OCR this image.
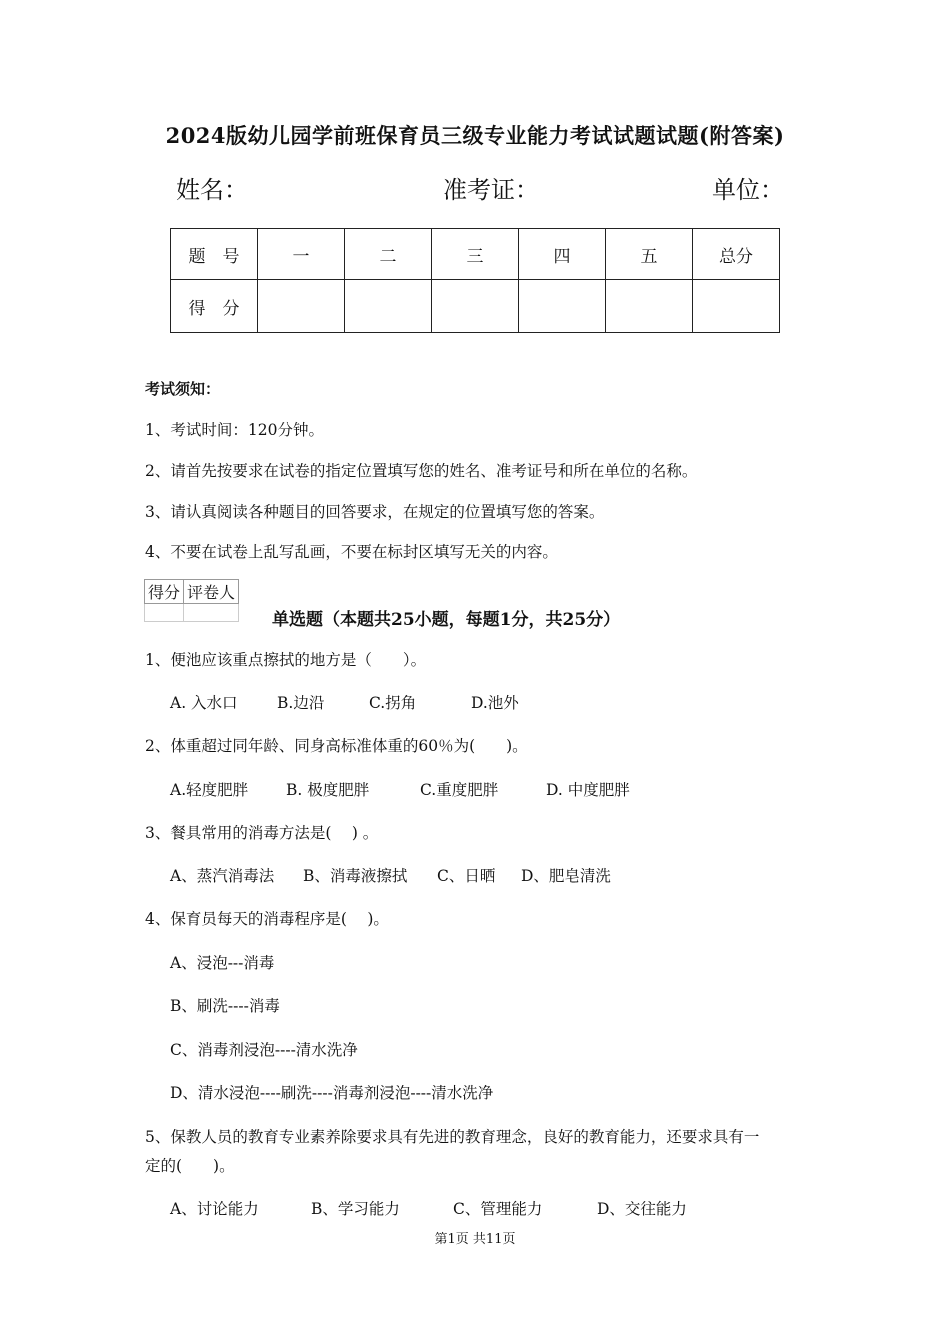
2024版幼儿园学前班保育员三级专业能力考试试题试题(附答案)
姓名：	准考证：	单位：
题　号	一	二	三	四	五	总分
得　分						
考试须知：
1、考试时间：120分钟。
2、请首先按要求在试卷的指定位置填写您的姓名、准考证号和所在单位的名称。
3、请认真阅读各种题目的回答要求，在规定的位置填写您的答案。
4、不要在试卷上乱写乱画，不要在标封区填写无关的内容。
得分	评卷人

单选题（本题共25小题，每题1分，共25分）
1、便池应该重点擦拭的地方是（　　）。
A. 入水口	B.边沿	C.拐角	D.池外
2、体重超过同年龄、同身高标准体重的60％为(　　)。
A.轻度肥胖 B. 极度肥胖	C.重度肥胖	D. 中度肥胖
3、餐具常用的消毒方法是(　 ) 。
A、蒸汽消毒法 B、消毒液擦拭 C、日晒 D、肥皂清洗
4、保育员每天的消毒程序是(　 )。
A、浸泡---消毒
B、刷洗----消毒
C、消毒剂浸泡----清水洗净
D、清水浸泡----刷洗----消毒剂浸泡----清水洗净
5、保教人员的教育专业素养除要求具有先进的教育理念，良好的教育能力，还要求具有一
定的(　　)。
A、讨论能力	B、学习能力	C、管理能力	D、交往能力
第1页 共11页
